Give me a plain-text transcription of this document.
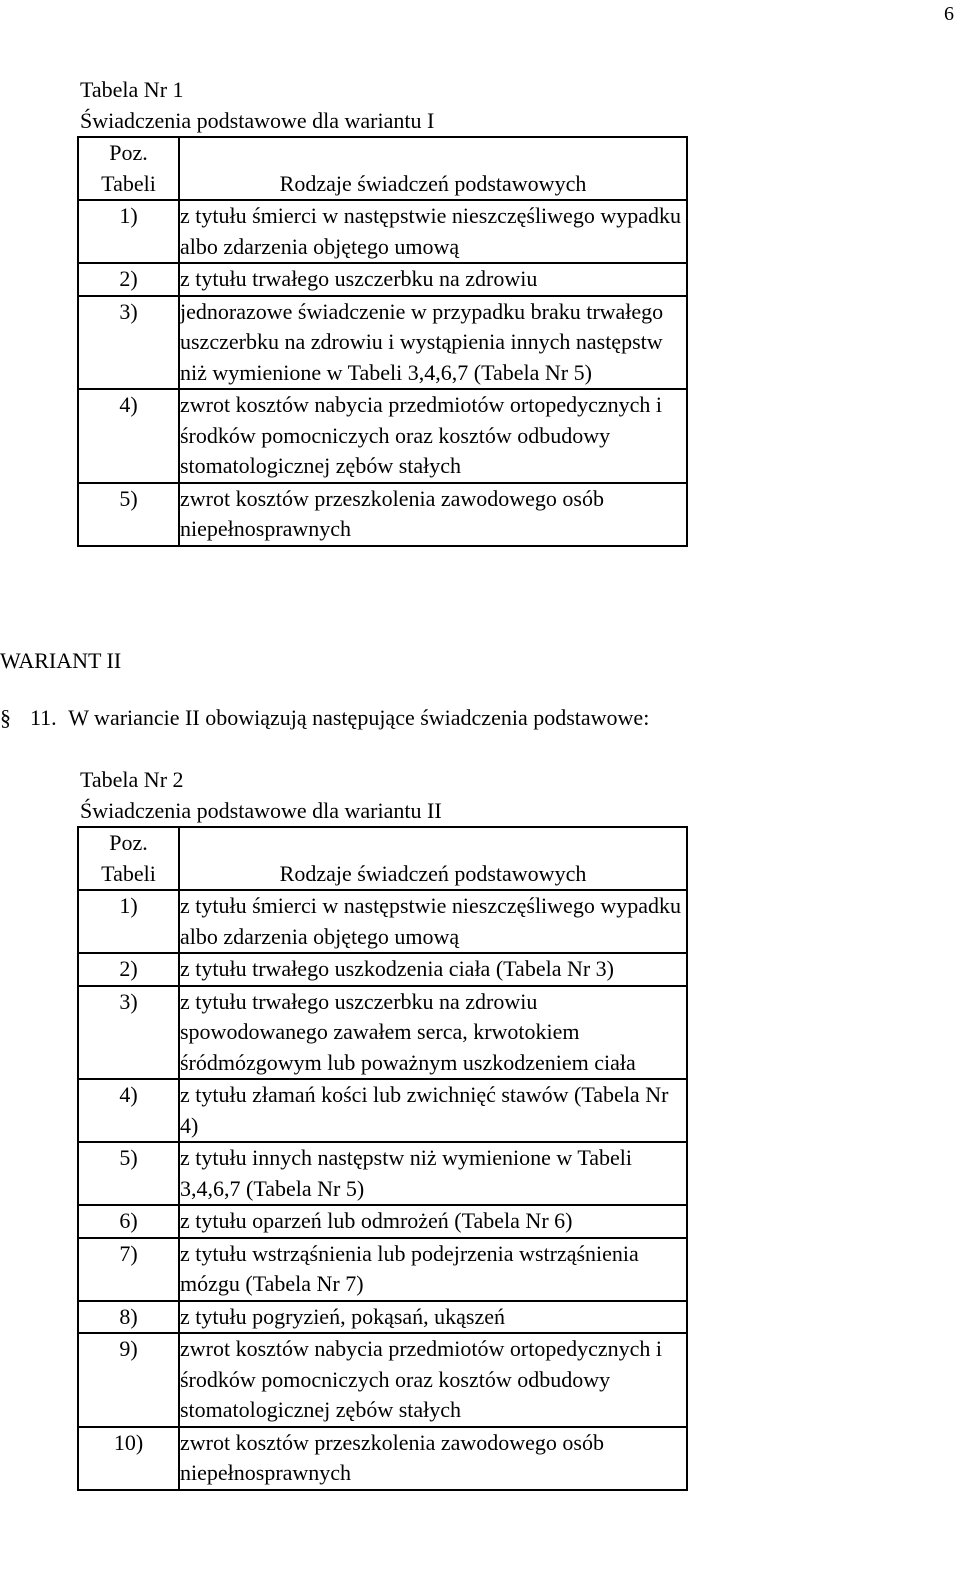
6
Tabela Nr 1
Świadczenia podstawowe dla wariantu I
Poz.
Tabeli	Rodzaje świadczeń podstawowych
1)	z tytułu śmierci w następstwie nieszczęśliwego wypadku albo zdarzenia objętego umową
2)	z tytułu trwałego uszczerbku na zdrowiu
3)	jednorazowe świadczenie w przypadku braku trwałego uszczerbku na zdrowiu i wystąpienia innych następstw niż wymienione w Tabeli 3,4,6,7 (Tabela Nr 5)
4)	zwrot kosztów nabycia przedmiotów ortopedycznych i środków pomocniczych oraz kosztów odbudowy stomatologicznej zębów stałych
5)	zwrot kosztów przeszkolenia zawodowego osób niepełnosprawnych
WARIANT II
§ 11. W wariancie II obowiązują następujące świadczenia podstawowe:
Tabela Nr 2
Świadczenia podstawowe dla wariantu II
Poz.
Tabeli	Rodzaje świadczeń podstawowych
1)	z tytułu śmierci w następstwie nieszczęśliwego wypadku albo zdarzenia objętego umową
2)	z tytułu trwałego uszkodzenia ciała (Tabela Nr 3)
3)	z tytułu trwałego uszczerbku na zdrowiu spowodowanego zawałem serca, krwotokiem śródmózgowym lub poważnym uszkodzeniem ciała
4)	z tytułu złamań kości lub zwichnięć stawów (Tabela Nr 4)
5)	z tytułu innych następstw niż wymienione w Tabeli 3,4,6,7 (Tabela Nr 5)
6)	z tytułu oparzeń lub odmrożeń (Tabela Nr 6)
7)	z tytułu wstrząśnienia lub podejrzenia wstrząśnienia mózgu (Tabela Nr 7)
8)	z tytułu pogryzień, pokąsań, ukąszeń
9)	zwrot kosztów nabycia przedmiotów ortopedycznych i środków pomocniczych oraz kosztów odbudowy stomatologicznej zębów stałych
10)	zwrot kosztów przeszkolenia zawodowego osób niepełnosprawnych
